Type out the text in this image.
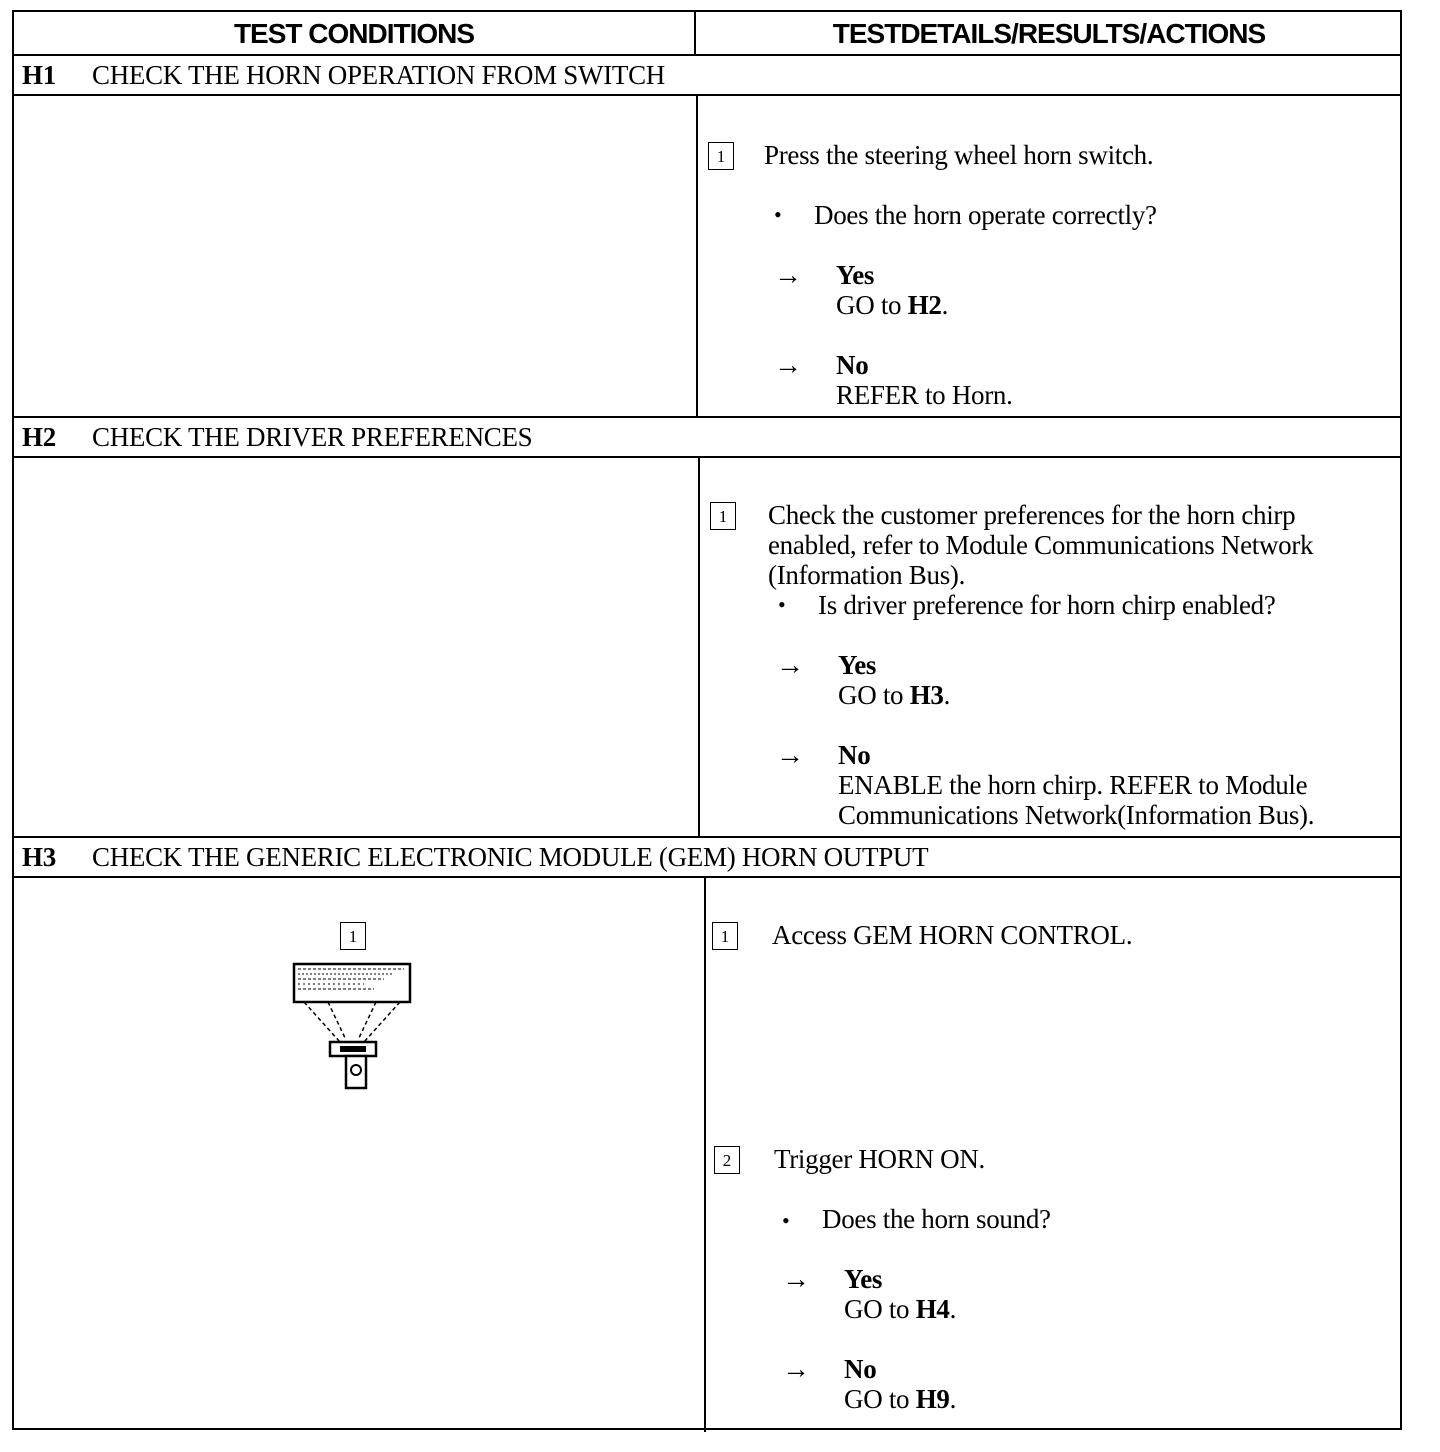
TEST CONDITIONS	TESTDETAILS/RESULTS/ACTIONS
H1 CHECK THE HORN OPERATION FROM SWITCH
1	Press the steering wheel horn switch.
• Does the horn operate correctly?
→ Yes
GO to H2.
→ No
REFER to Horn.
H2 CHECK THE DRIVER PREFERENCES
1	Check the customer preferences for the horn chirp
enabled, refer to Module Communications Network
(Information Bus).
• Is driver preference for horn chirp enabled?
→ Yes
GO to H3.
→ No
ENABLE the horn chirp. REFER to Module
Communications Network(Information Bus).
H3 CHECK THE GENERIC ELECTRONIC MODULE (GEM) HORN OUTPUT
1	1	Access GEM HORN CONTROL.
2	Trigger HORN ON.
• Does the horn sound?
→ Yes
GO to H4.
→ No
GO to H9.
